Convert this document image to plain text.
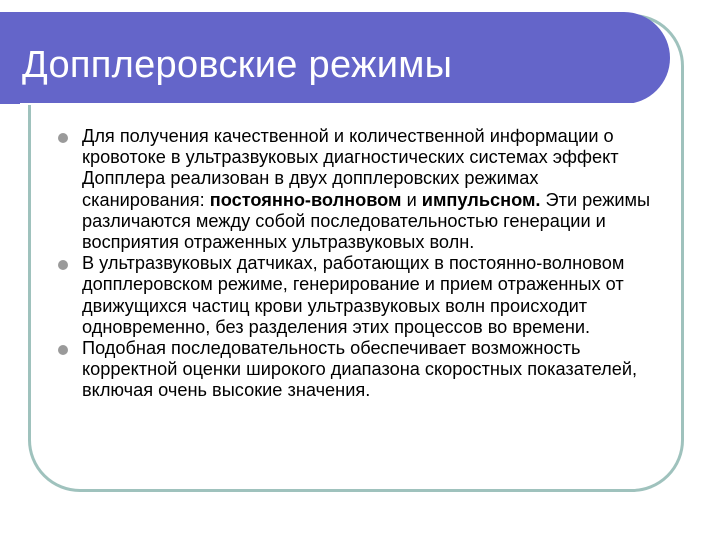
Допплеровские режимы
Для получения качественной и количественной информации о кровотоке в ультразвуковых диагностических системах эффект Допплера реализован в двух допплеровских режимах сканирования: постоянно-волновом и импульсном. Эти режимы различаются между собой последовательностью генерации и восприятия отраженных ультразвуковых волн.
В ультразвуковых датчиках, работающих в постоянно-волновом допплеровском режиме, генерирование и прием отраженных от движущихся частиц крови ультразвуковых волн происходит одновременно, без разделения этих процессов во времени.
Подобная последовательность обеспечивает возможность корректной оценки широкого диапазона скоростных показателей, включая очень высокие значения.
